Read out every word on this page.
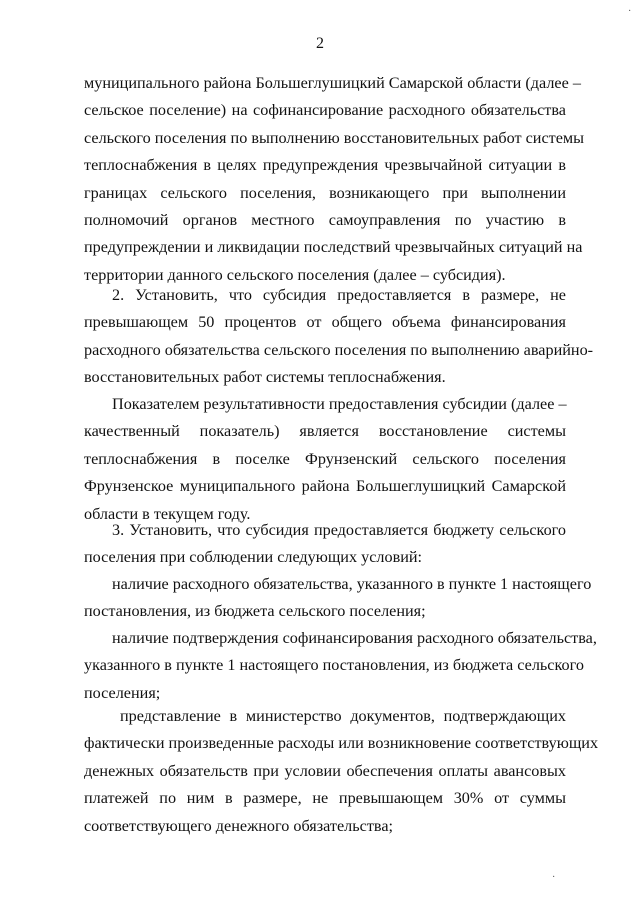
2
муниципального района Большеглушицкий Самарской области (далее –
сельское поселение) на софинансирование расходного обязательства
сельского поселения по выполнению восстановительных работ системы
теплоснабжения в целях предупреждения чрезвычайной ситуации в
границах сельского поселения, возникающего при выполнении
полномочий органов местного самоуправления по участию в
предупреждении и ликвидации последствий чрезвычайных ситуаций на
территории данного сельского поселения (далее – субсидия).
2. Установить, что субсидия предоставляется в размере, не
превышающем 50 процентов от общего объема финансирования
расходного обязательства сельского поселения по выполнению аварийно-
восстановительных работ системы теплоснабжения.
Показателем результативности предоставления субсидии (далее –
качественный показатель) является восстановление системы
теплоснабжения в поселке Фрунзенский сельского поселения
Фрунзенское муниципального района Большеглушицкий Самарской
области в текущем году.
3. Установить, что субсидия предоставляется бюджету сельского
поселения при соблюдении следующих условий:
наличие расходного обязательства, указанного в пункте 1 настоящего
постановления, из бюджета сельского поселения;
наличие подтверждения софинансирования расходного обязательства,
указанного в пункте 1 настоящего постановления, из бюджета сельского
поселения;
представление в министерство документов, подтверждающих
фактически произведенные расходы или возникновение соответствующих
денежных обязательств при условии обеспечения оплаты авансовых
платежей по ним в размере, не превышающем 30% от суммы
соответствующего денежного обязательства;
·
·
